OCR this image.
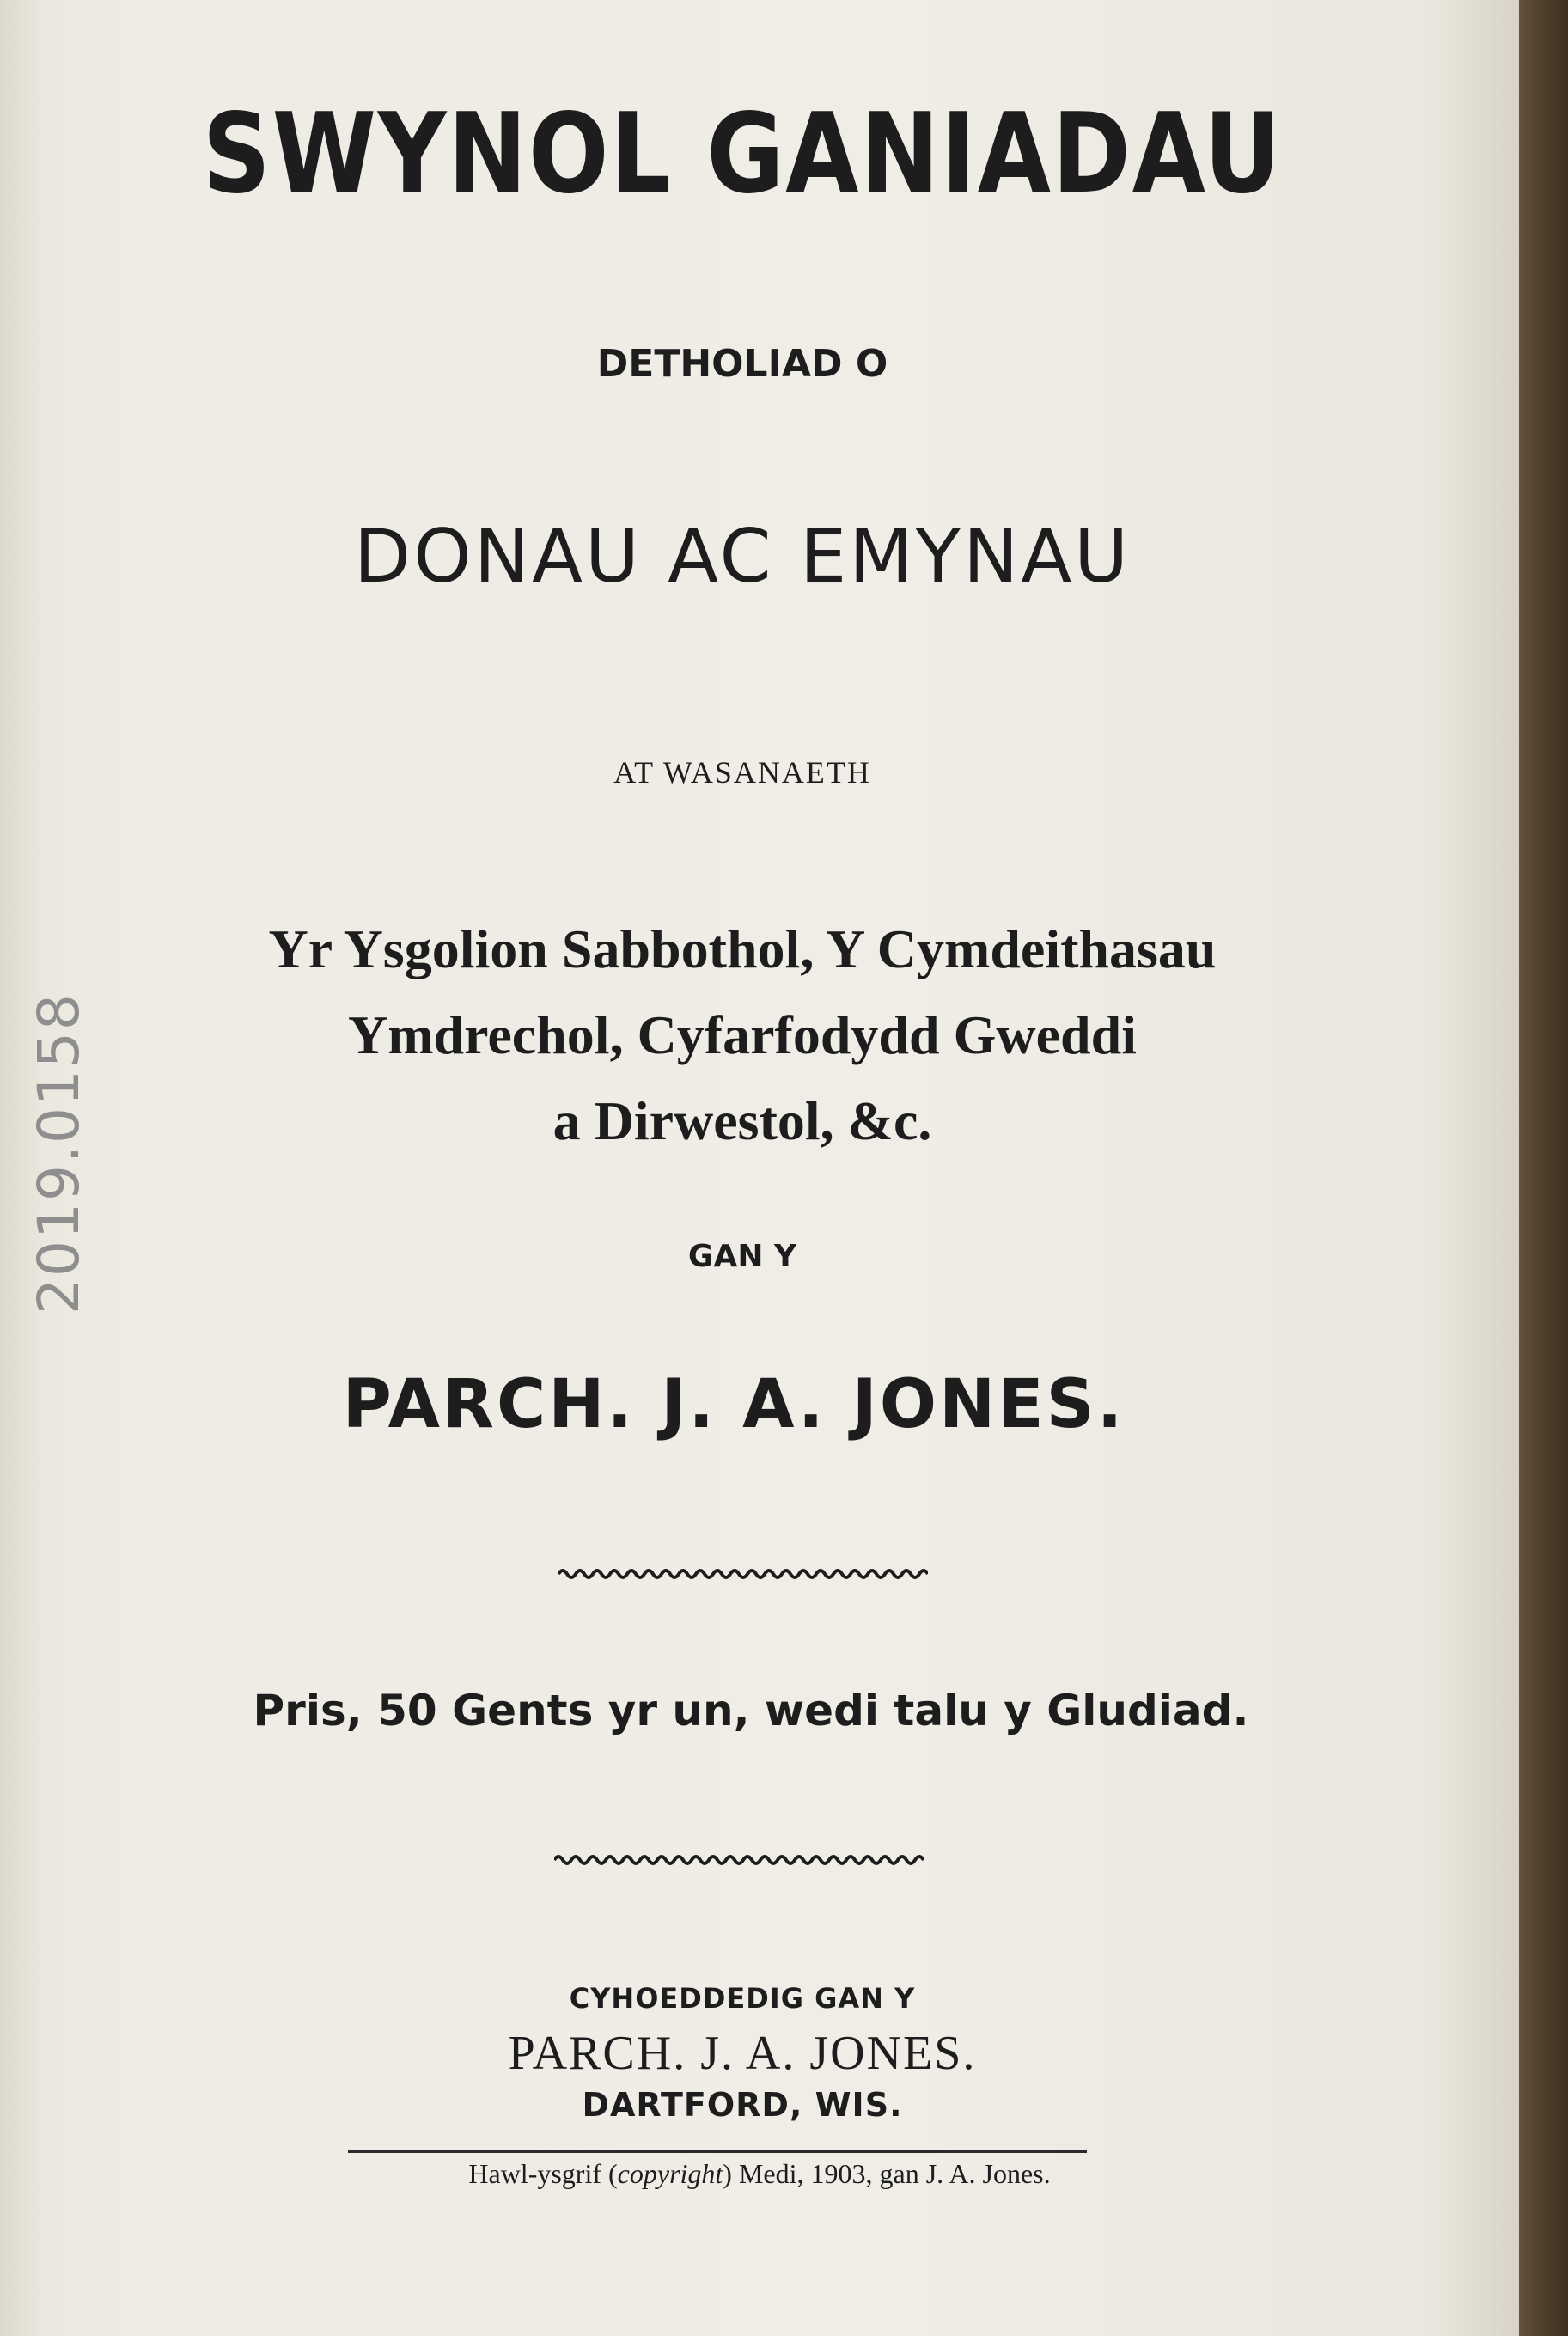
SWYNOL GANIADAU
DETHOLIAD O
DONAU AC EMYNAU
AT WASANAETH
Yr Ysgolion Sabbothol, Y Cymdeithasau
Ymdrechol, Cyfarfodydd Gweddi
a Dirwestol, &c.
GAN Y
PARCH. J. A. JONES.
Pris, 50 Gents yr un, wedi talu y Gludiad.
CYHOEDDEDIG GAN Y
PARCH. J. A. JONES.
DARTFORD, WIS.
Hawl-ysgrif (copyright) Medi, 1903, gan J. A. Jones.
2019.0158
